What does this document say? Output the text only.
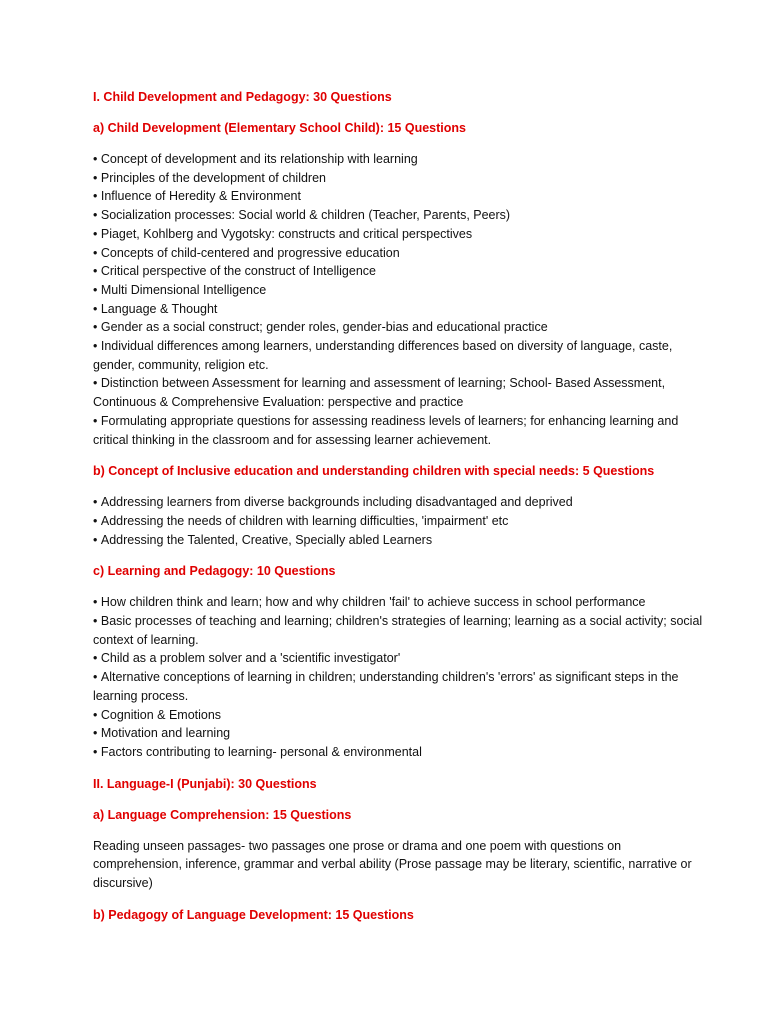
I. Child Development and Pedagogy: 30 Questions
a) Child Development (Elementary School Child): 15 Questions
• Concept of development and its relationship with learning
• Principles of the development of children
• Influence of Heredity & Environment
• Socialization processes: Social world & children (Teacher, Parents, Peers)
• Piaget, Kohlberg and Vygotsky: constructs and critical perspectives
• Concepts of child-centered and progressive education
• Critical perspective of the construct of Intelligence
• Multi Dimensional Intelligence
• Language & Thought
• Gender as a social construct; gender roles, gender-bias and educational practice
• Individual differences among learners, understanding differences based on diversity of language, caste, gender, community, religion etc.
• Distinction between Assessment for learning and assessment of learning; School- Based Assessment, Continuous & Comprehensive Evaluation: perspective and practice
• Formulating appropriate questions for assessing readiness levels of learners; for enhancing learning and critical thinking in the classroom and for assessing learner achievement.
b) Concept of Inclusive education and understanding children with special needs: 5 Questions
• Addressing learners from diverse backgrounds including disadvantaged and deprived
• Addressing the needs of children with learning difficulties, 'impairment' etc
• Addressing the Talented, Creative, Specially abled Learners
c) Learning and Pedagogy: 10 Questions
• How children think and learn; how and why children 'fail' to achieve success in school performance
• Basic processes of teaching and learning; children's strategies of learning; learning as a social activity; social context of learning.
• Child as a problem solver and a 'scientific investigator'
• Alternative conceptions of learning in children; understanding children's 'errors' as significant steps in the learning process.
• Cognition & Emotions
• Motivation and learning
• Factors contributing to learning- personal & environmental
II. Language-I (Punjabi): 30 Questions
a) Language Comprehension: 15 Questions

Reading unseen passages- two passages one prose or drama and one poem with questions on comprehension, inference, grammar and verbal ability (Prose passage may be literary, scientific, narrative or discursive)

b) Pedagogy of Language Development: 15 Questions
